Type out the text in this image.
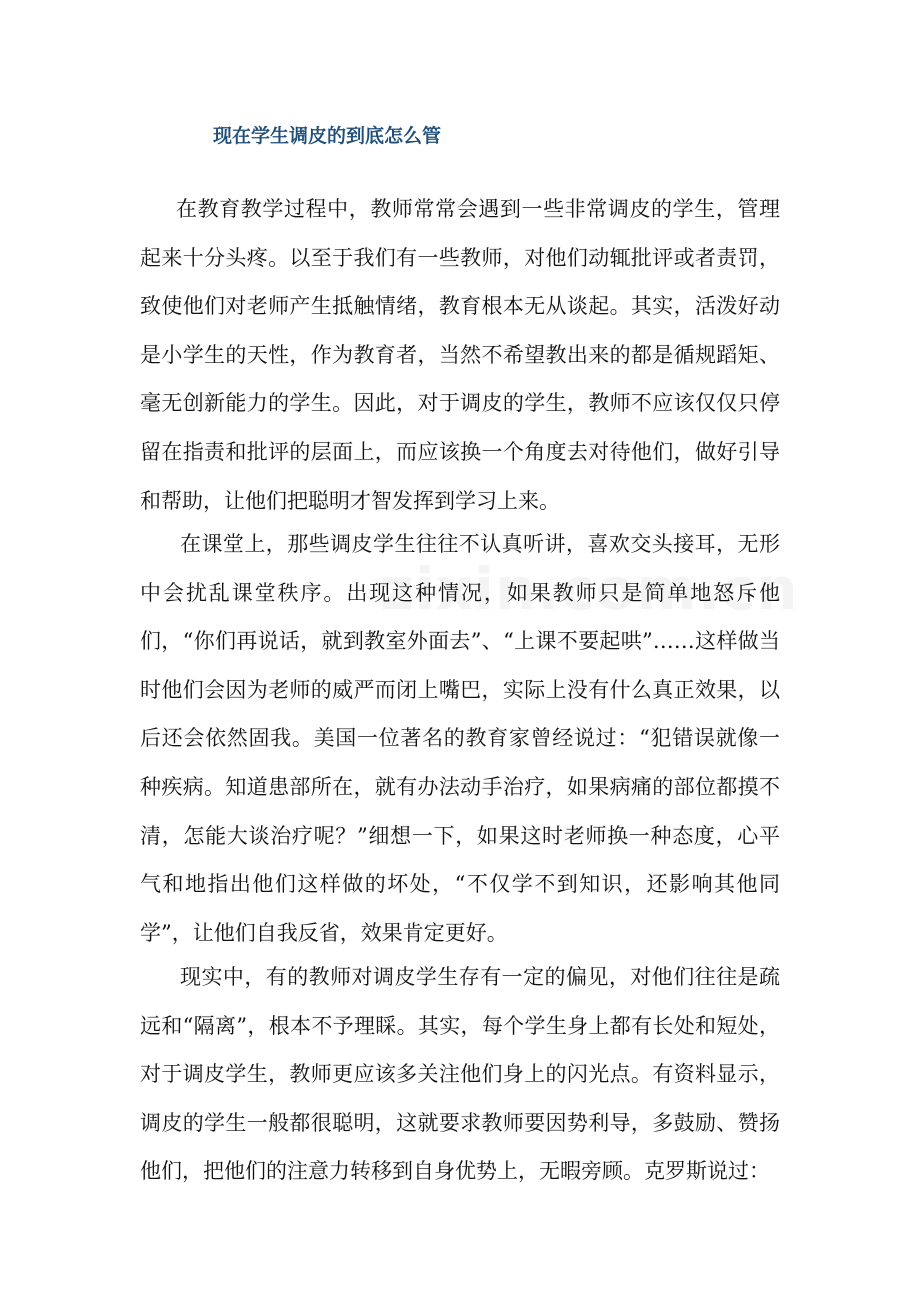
现在学生调皮的到底怎么管

在教育教学过程中，教师常常会遇到一些非常调皮的学生，管理起来十分头疼。以至于我们有一些教师，对他们动辄批评或者责罚，致使他们对老师产生抵触情绪，教育根本无从谈起。其实，活泼好动是小学生的天性，作为教育者，当然不希望教出来的都是循规蹈矩、毫无创新能力的学生。因此，对于调皮的学生，教师不应该仅仅只停留在指责和批评的层面上，而应该换一个角度去对待他们，做好引导和帮助，让他们把聪明才智发挥到学习上来。

在课堂上，那些调皮学生往往不认真听讲，喜欢交头接耳，无形中会扰乱课堂秩序。出现这种情况，如果教师只是简单地怒斥他们，“你们再说话，就到教室外面去”、“上课不要起哄”……这样做当时他们会因为老师的威严而闭上嘴巴，实际上没有什么真正效果，以后还会依然固我。美国一位著名的教育家曾经说过：“犯错误就像一种疾病。知道患部所在，就有办法动手治疗，如果病痛的部位都摸不清，怎能大谈治疗呢？”细想一下，如果这时老师换一种态度，心平气和地指出他们这样做的坏处，“不仅学不到知识，还影响其他同学”，让他们自我反省，效果肯定更好。

现实中，有的教师对调皮学生存有一定的偏见，对他们往往是疏远和“隔离”，根本不予理睬。其实，每个学生身上都有长处和短处，对于调皮学生，教师更应该多关注他们身上的闪光点。有资料显示，调皮的学生一般都很聪明，这就要求教师要因势利导，多鼓励、赞扬他们，把他们的注意力转移到自身优势上，无暇旁顾。克罗斯说过：
